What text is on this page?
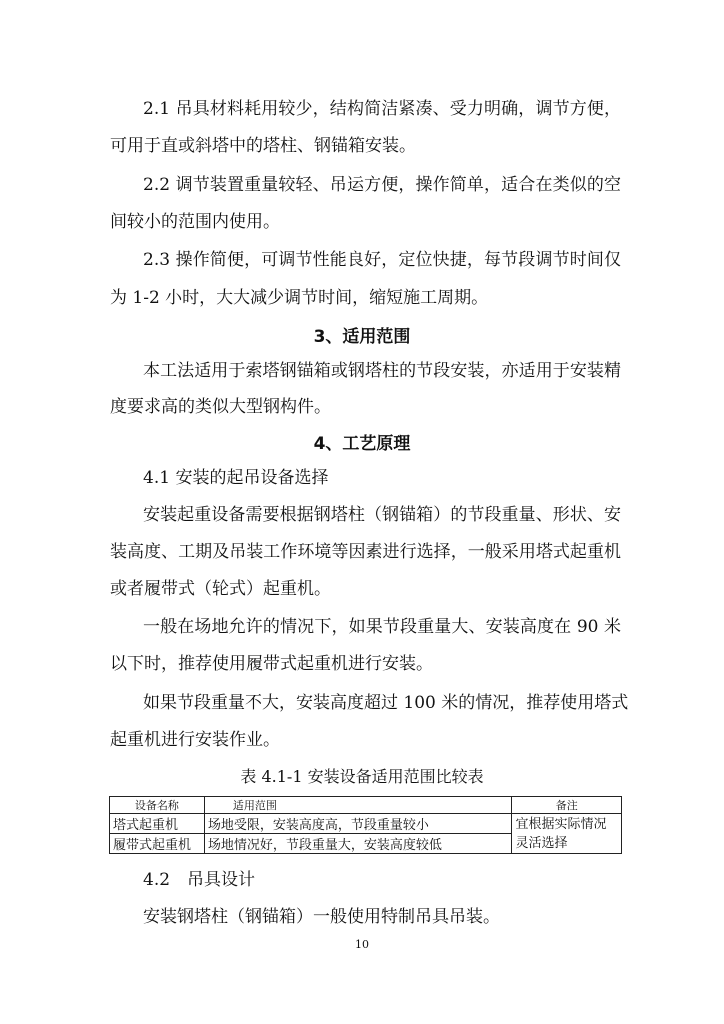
2.1 吊具材料耗用较少，结构简洁紧凑、受力明确，调节方便，
可用于直或斜塔中的塔柱、钢锚箱安装。
2.2 调节装置重量较轻、吊运方便，操作简单，适合在类似的空
间较小的范围内使用。
2.3 操作简便，可调节性能良好，定位快捷，每节段调节时间仅
为 1-2 小时，大大减少调节时间，缩短施工周期。
3、适用范围
本工法适用于索塔钢锚箱或钢塔柱的节段安装，亦适用于安装精
度要求高的类似大型钢构件。
4、工艺原理
4.1 安装的起吊设备选择
安装起重设备需要根据钢塔柱（钢锚箱）的节段重量、形状、安
装高度、工期及吊装工作环境等因素进行选择，一般采用塔式起重机
或者履带式（轮式）起重机。
一般在场地允许的情况下，如果节段重量大、安装高度在 90 米
以下时，推荐使用履带式起重机进行安装。
如果节段重量不大，安装高度超过 100 米的情况，推荐使用塔式
起重机进行安装作业。
表 4.1-1 安装设备适用范围比较表
设备名称	适用范围	备注
塔式起重机	场地受限，安装高度高，节段重量较小	宜根据实际情况灵活选择
履带式起重机	场地情况好，节段重量大，安装高度较低	
4.2　吊具设计
安装钢塔柱（钢锚箱）一般使用特制吊具吊装。
10
